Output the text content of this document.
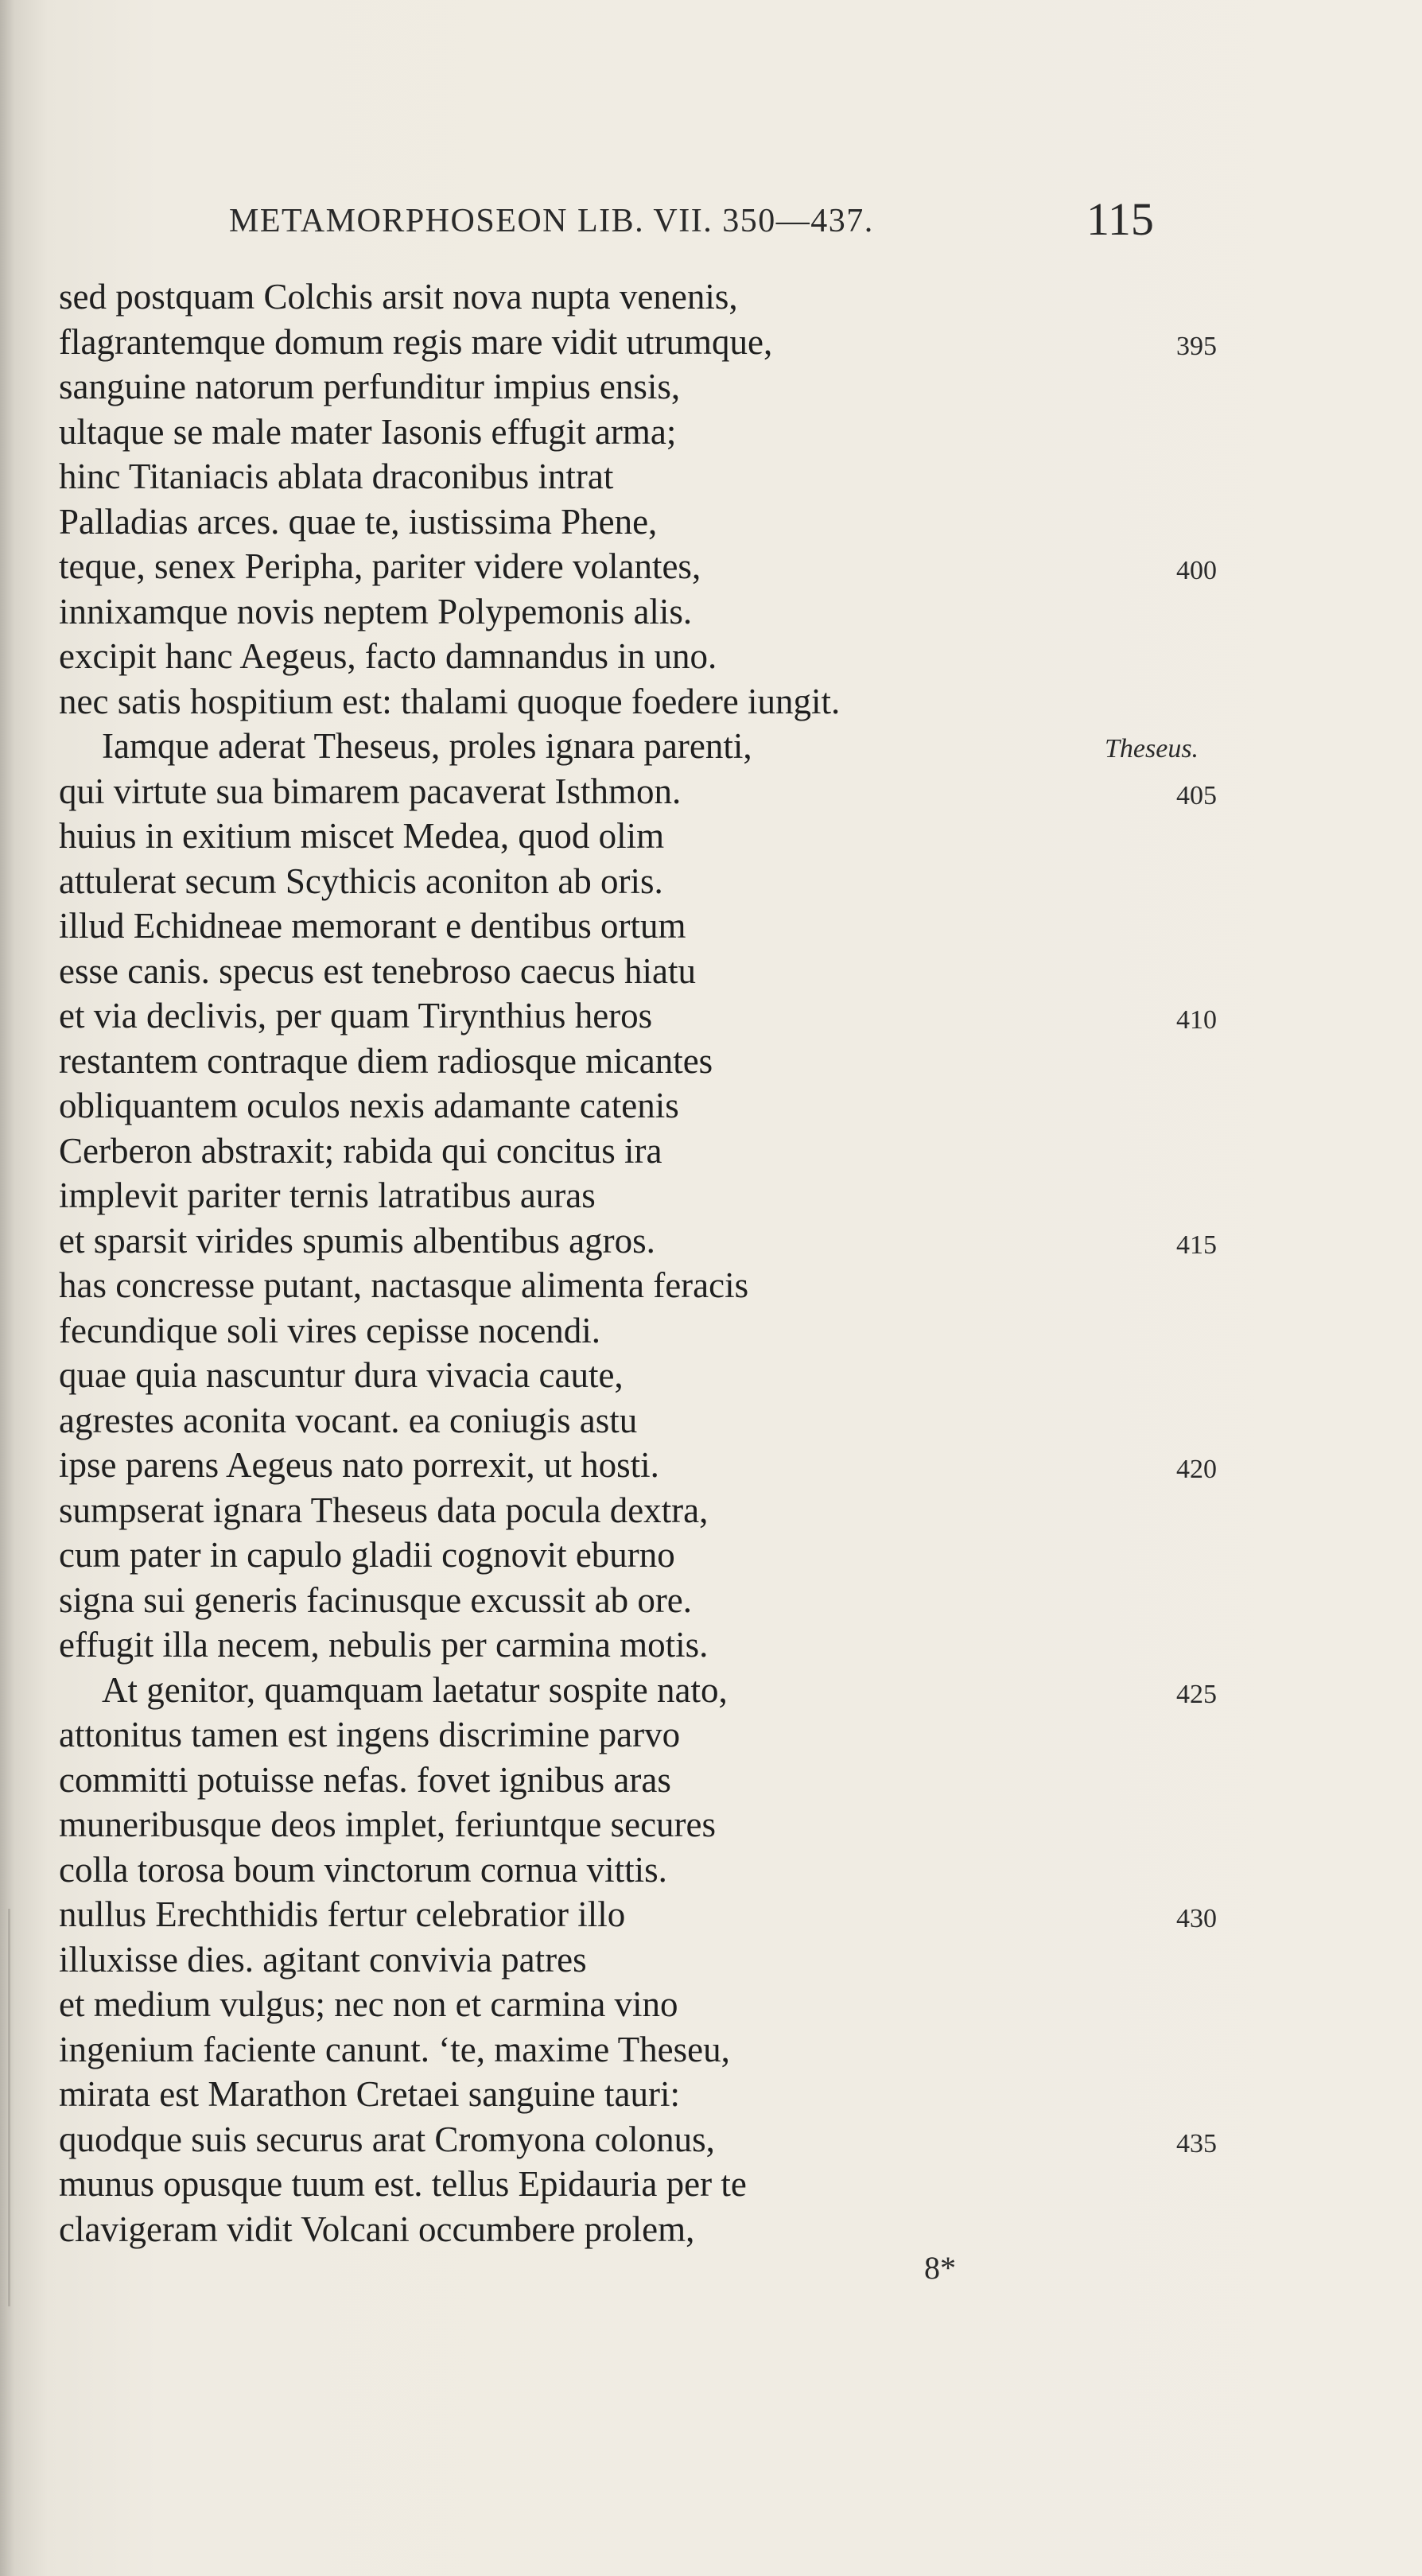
METAMORPHOSEON LIB. VII. 350—437.	115
sed postquam Colchis arsit nova nupta venenis,
flagrantemque domum regis mare vidit utrumque,	395
sanguine natorum perfunditur impius ensis,
ultaque se male mater Iasonis effugit arma;
hinc Titaniacis ablata draconibus intrat
Palladias arces. quae te, iustissima Phene,
teque, senex Peripha, pariter videre volantes,	400
innixamque novis neptem Polypemonis alis.
excipit hanc Aegeus, facto damnandus in uno.
nec satis hospitium est: thalami quoque foedere iungit.
Iamque aderat Theseus, proles ignara parenti,	Theseus.
qui virtute sua bimarem pacaverat Isthmon.	405
huius in exitium miscet Medea, quod olim
attulerat secum Scythicis aconiton ab oris.
illud Echidneae memorant e dentibus ortum
esse canis. specus est tenebroso caecus hiatu
et via declivis, per quam Tirynthius heros	410
restantem contraque diem radiosque micantes
obliquantem oculos nexis adamante catenis
Cerberon abstraxit; rabida qui concitus ira
implevit pariter ternis latratibus auras
et sparsit virides spumis albentibus agros.	415
has concresse putant, nactasque alimenta feracis
fecundique soli vires cepisse nocendi.
quae quia nascuntur dura vivacia caute,
agrestes aconita vocant. ea coniugis astu
ipse parens Aegeus nato porrexit, ut hosti.	420
sumpserat ignara Theseus data pocula dextra,
cum pater in capulo gladii cognovit eburno
signa sui generis facinusque excussit ab ore.
effugit illa necem, nebulis per carmina motis.
At genitor, quamquam laetatur sospite nato,	425
attonitus tamen est ingens discrimine parvo
committi potuisse nefas. fovet ignibus aras
muneribusque deos implet, feriuntque secures
colla torosa boum vinctorum cornua vittis.
nullus Erechthidis fertur celebratior illo	430
illuxisse dies. agitant convivia patres
et medium vulgus; nec non et carmina vino
ingenium faciente canunt. ‘te, maxime Theseu,
mirata est Marathon Cretaei sanguine tauri:
quodque suis securus arat Cromyona colonus,	435
munus opusque tuum est. tellus Epidauria per te
clavigeram vidit Volcani occumbere prolem,
8*
